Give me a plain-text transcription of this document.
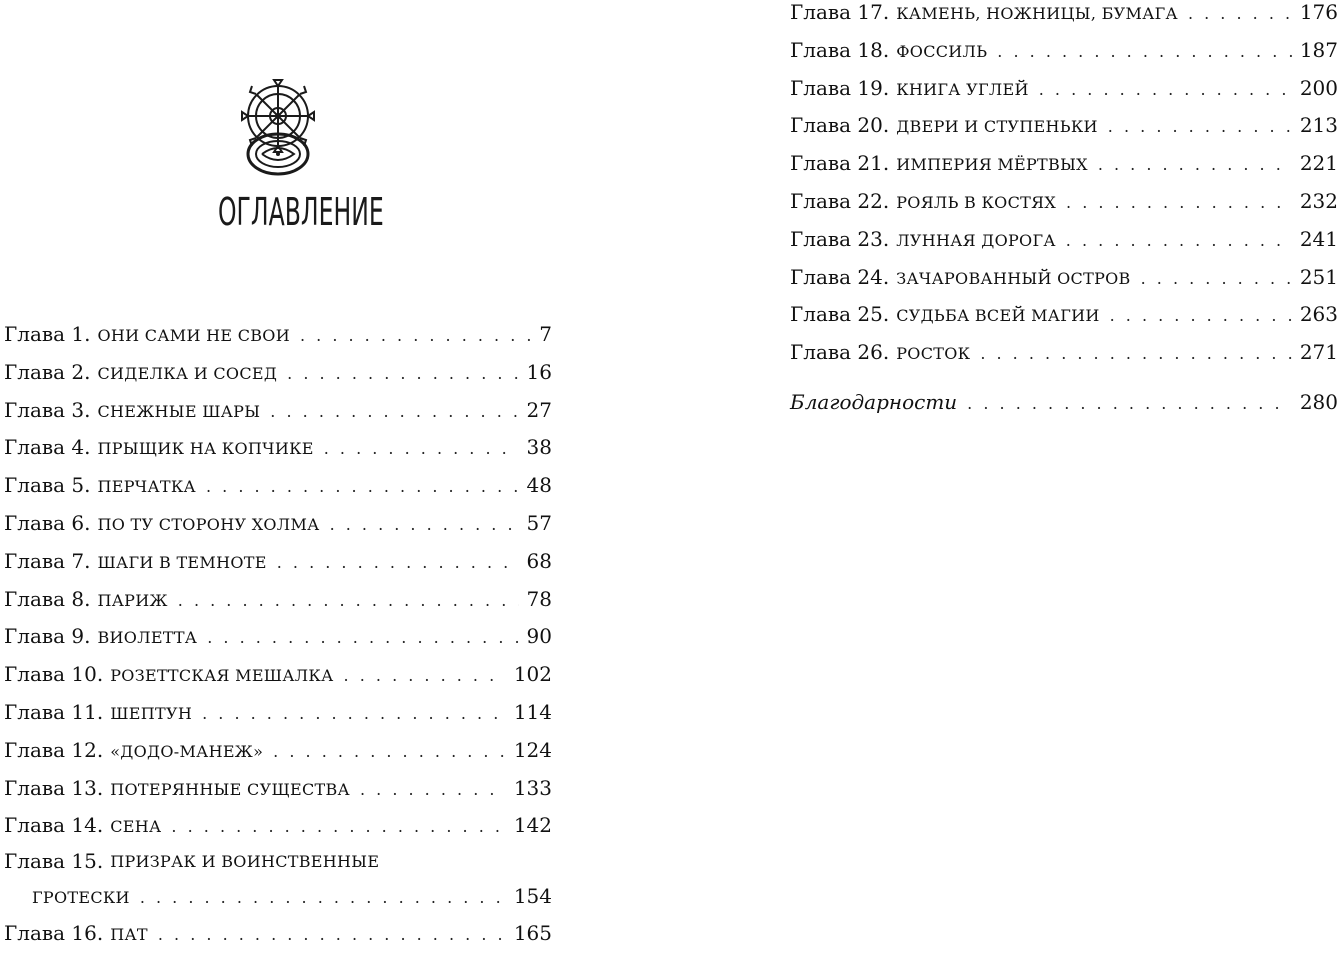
ОГЛАВЛЕНИЕ
Глава 1. ОНИ САМИ НЕ СВОИ . . .	7
Глава 2. СИДЕЛКА И СОСЕД . . .	16
Глава 3. СНЕЖНЫЕ ШАРЫ . . .	27
Глава 4. ПРЫЩИК НА КОПЧИКЕ . . .	38
Глава 5. ПЕРЧАТКА . . .	48
Глава 6. ПО ТУ СТОРОНУ ХОЛМА . . .	57
Глава 7. ШАГИ В ТЕМНОТЕ . . .	68
Глава 8. ПАРИЖ . . .	78
Глава 9. ВИОЛЕТТА . . .	90
Глава 10. РОЗЕТТСКАЯ МЕШАЛКА . . .	102
Глава 11. ШЕПТУН . . .	114
Глава 12. «ДОДО-МАНЕЖ» . . .	124
Глава 13. ПОТЕРЯННЫЕ СУЩЕСТВА . . .	133
Глава 14. СЕНА . . .	142
Глава 15. ПРИЗРАК И ВОИНСТВЕННЫЕ
ГРОТЕСКИ . . .	154
Глава 16. ПАТ . . .	165
Глава 17. КАМЕНЬ, НОЖНИЦЫ, БУМАГА . . .	176
Глава 18. ФОССИЛЬ . . .	187
Глава 19. КНИГА УГЛЕЙ . . .	200
Глава 20. ДВЕРИ И СТУПЕНЬКИ . . .	213
Глава 21. ИМПЕРИЯ МЁРТВЫХ . . .	221
Глава 22. РОЯЛЬ В КОСТЯХ . . .	232
Глава 23. ЛУННАЯ ДОРОГА . . .	241
Глава 24. ЗАЧАРОВАННЫЙ ОСТРОВ . . .	251
Глава 25. СУДЬБА ВСЕЙ МАГИИ . . .	263
Глава 26. РОСТОК . . .	271
Благодарности . . .	280
